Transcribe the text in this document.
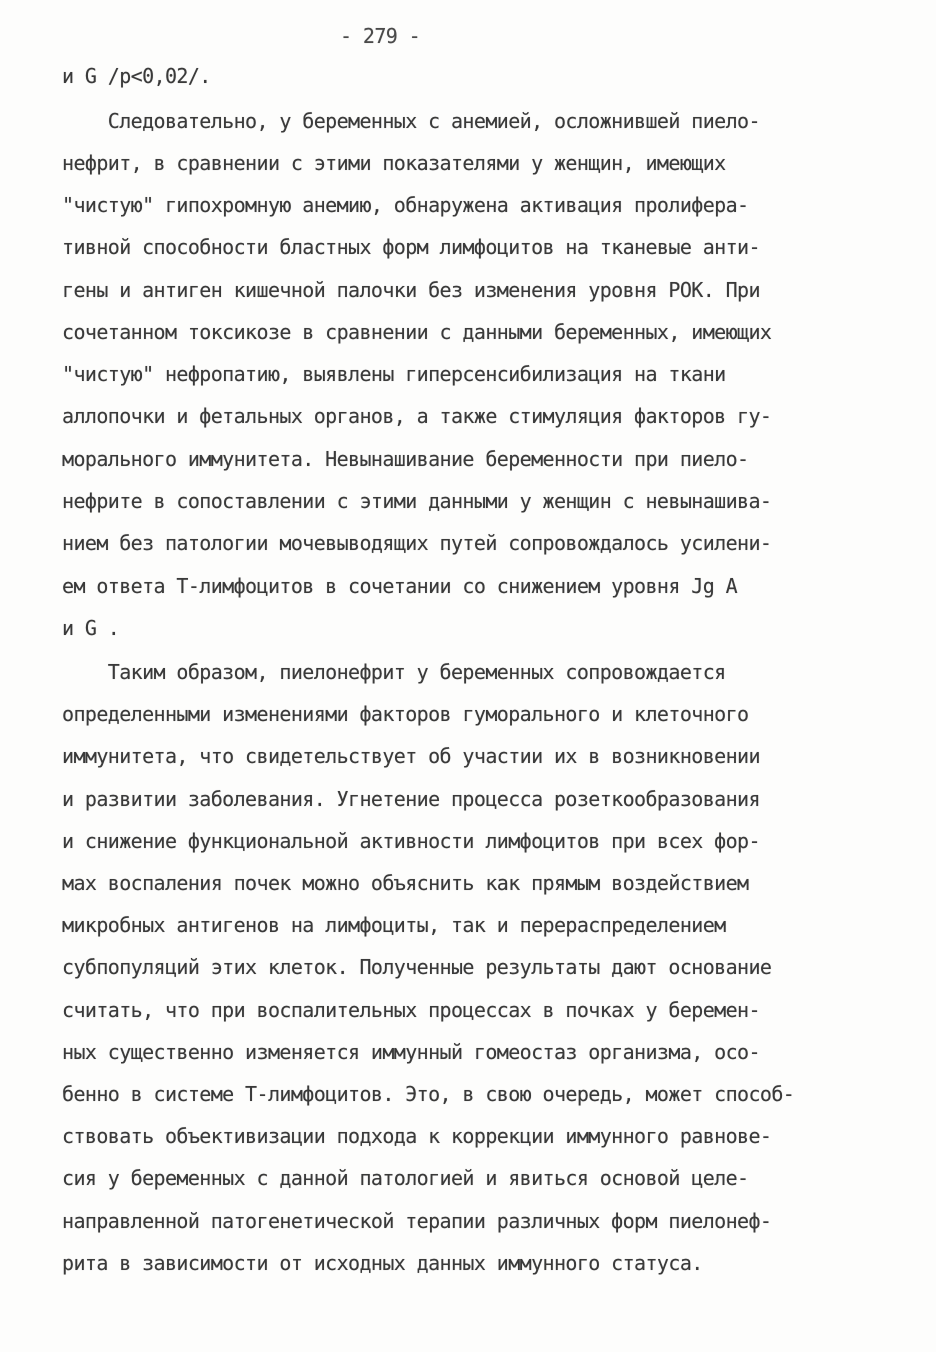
- 279 -
и G /р<0,02/.
Следовательно, у беременных с анемией, осложнившей пиело-
нефрит, в сравнении с этими показателями у женщин, имеющих
"чистую" гипохромную анемию, обнаружена активация пролифера-
тивной способности бластных форм лимфоцитов на тканевые анти-
гены и антиген кишечной палочки без изменения уровня РОК. При
сочетанном токсикозе в сравнении с данными беременных, имеющих
"чистую" нефропатию, выявлены гиперсенсибилизация на ткани
аллопочки и фетальных органов, а также стимуляция факторов гу-
морального иммунитета. Невынашивание беременности при пиело-
нефрите в сопоставлении с этими данными у женщин с невынашива-
нием без патологии мочевыводящих путей сопровождалось усилени-
ем ответа Т-лимфоцитов в сочетании со снижением уровня Jg А
и G .
Таким образом, пиелонефрит у беременных сопровождается
определенными изменениями факторов гуморального и клеточного
иммунитета, что свидетельствует об участии их в возникновении
и развитии заболевания. Угнетение процесса розеткообразования
и снижение функциональной активности лимфоцитов при всех фор-
мах воспаления почек можно объяснить как прямым воздействием
микробных антигенов на лимфоциты, так и перераспределением
субпопуляций этих клеток. Полученные результаты дают основание
считать, что при воспалительных процессах в почках у беремен-
ных существенно изменяется иммунный гомеостаз организма, осо-
бенно в системе Т-лимфоцитов. Это, в свою очередь, может способ-
ствовать объективизации подхода к коррекции иммунного равнове-
сия у беременных с данной патологией и явиться основой целе-
направленной патогенетической терапии различных форм пиелонеф-
рита в зависимости от исходных данных иммунного статуса.
